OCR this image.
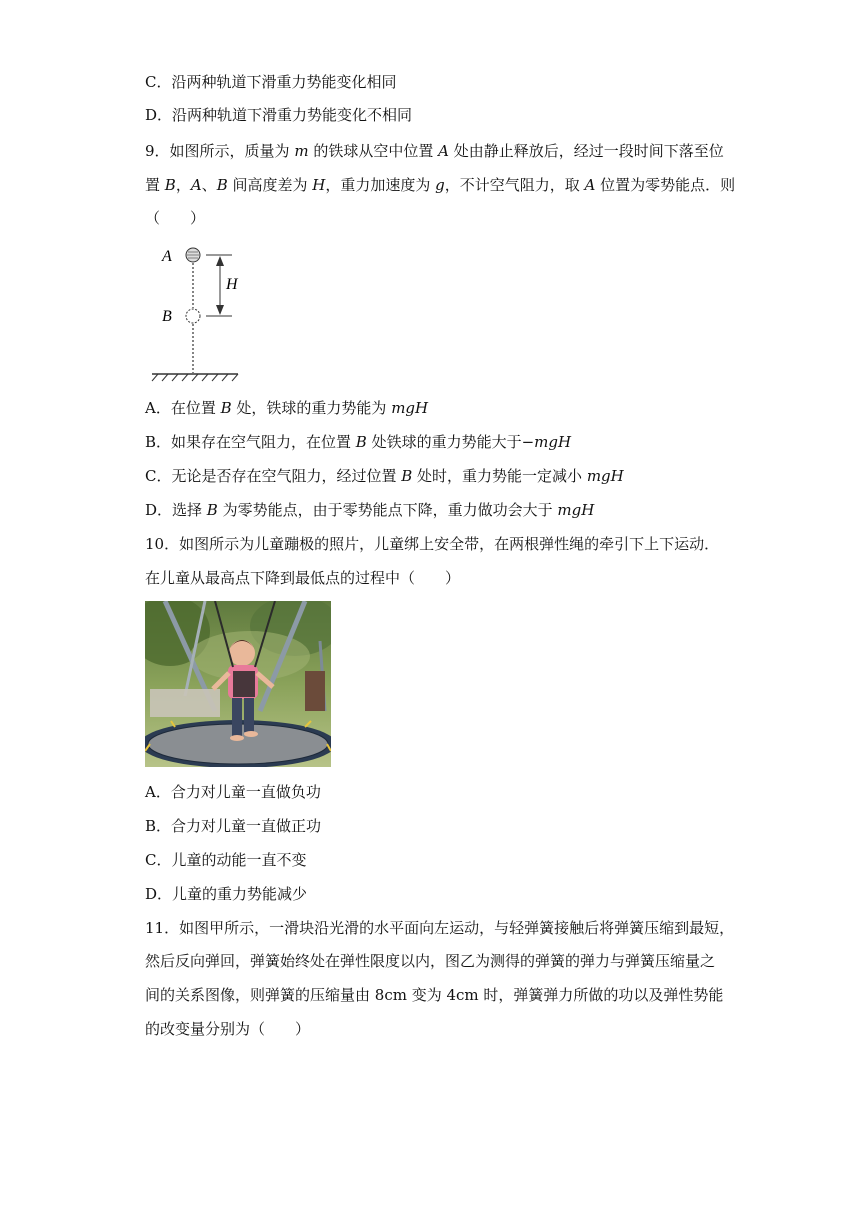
C．沿两种轨道下滑重力势能变化相同
D．沿两种轨道下滑重力势能变化不相同
9．如图所示，质量为 m 的铁球从空中位置 A 处由静止释放后，经过一段时间下落至位
置 B，A、B 间高度差为 H，重力加速度为 g，不计空气阻力，取 A 位置为零势能点．则
（　　）
A
B
H
A．在位置 B 处，铁球的重力势能为 mgH
B．如果存在空气阻力，在位置 B 处铁球的重力势能大于−mgH
C．无论是否存在空气阻力，经过位置 B 处时，重力势能一定减小 mgH
D．选择 B 为零势能点，由于零势能点下降，重力做功会大于 mgH
10．如图所示为儿童蹦极的照片，儿童绑上安全带，在两根弹性绳的牵引下上下运动．
在儿童从最高点下降到最低点的过程中（　　）
A．合力对儿童一直做负功
B．合力对儿童一直做正功
C．儿童的动能一直不变
D．儿童的重力势能减少
11．如图甲所示，一滑块沿光滑的水平面向左运动，与轻弹簧接触后将弹簧压缩到最短，
然后反向弹回，弹簧始终处在弹性限度以内，图乙为测得的弹簧的弹力与弹簧压缩量之
间的关系图像，则弹簧的压缩量由 8cm 变为 4cm 时，弹簧弹力所做的功以及弹性势能
的改变量分别为（　　）
